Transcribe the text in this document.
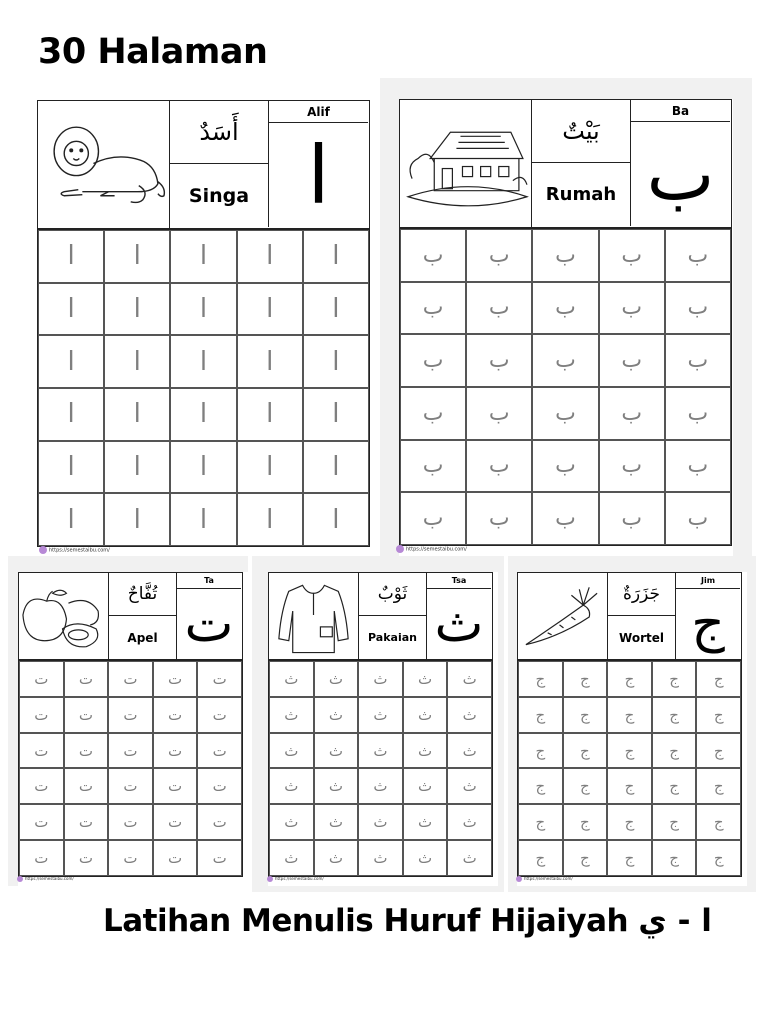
30 Halaman
أَسَدٌ
Singa
Alif
ا
ا ا ا ا ا
ا ا ا ا ا
ا ا ا ا ا
ا ا ا ا ا
ا ا ا ا ا
ا ا ا ا ا
https://semestaibu.com/
بَيْتٌ
Rumah
Ba
ب
ب ب ب ب ب
ب ب ب ب ب
ب ب ب ب ب
ب ب ب ب ب
ب ب ب ب ب
ب ب ب ب ب
https://semestaibu.com/
تُفَّاحٌ
Apel
Ta
ت
ت ت ت ت ت
ت ت ت ت ت
ت ت ت ت ت
ت ت ت ت ت
ت ت ت ت ت
ت ت ت ت ت
https://semestaibu.com/
ثَوْبٌ
Pakaian
Tsa
ث
ث ث ث ث ث
ث ث ث ث ث
ث ث ث ث ث
ث ث ث ث ث
ث ث ث ث ث
ث ث ث ث ث
https://semestaibu.com/
جَزَرَةٌ
Wortel
Jim
ج
ج ج ج ج ج
ج ج ج ج ج
ج ج ج ج ج
ج ج ج ج ج
ج ج ج ج ج
ج ج ج ج ج
https://semestaibu.com/
Latihan Menulis Huruf Hijaiyah ا - ي
